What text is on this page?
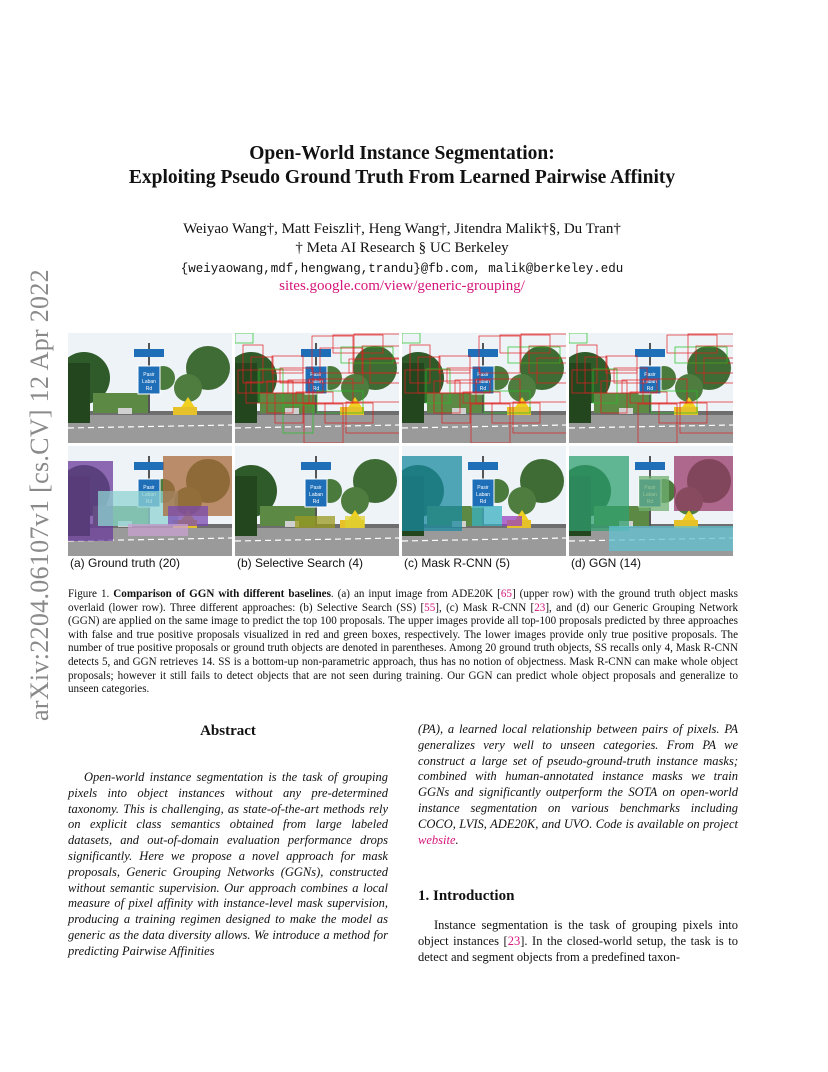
arXiv:2204.06107v1 [cs.CV] 12 Apr 2022
Open-World Instance Segmentation:
Exploiting Pseudo Ground Truth From Learned Pairwise Affinity
Weiyao Wang†, Matt Feiszli†, Heng Wang†, Jitendra Malik†§, Du Tran†
† Meta AI Research § UC Berkeley
{weiyaowang,mdf,hengwang,trandu}@fb.com, malik@berkeley.edu
sites.google.com/view/generic-grouping/
Pasir
Laban
Rd
Pasir
Laban
Rd
Pasir
Laban
Rd
Pasir
Laban
Rd
Pasir	Pasir
Laban
Rd
Pasir
Laban
Rd
(a) Ground truth (20)	(b) Selective Search (4)	(c) Mask R-CNN (5)	(d) GGN (14)
Figure 1. Comparison of GGN with different baselines. (a) an input image from ADE20K [65] (upper row) with the ground truth object masks overlaid (lower row). Three different approaches: (b) Selective Search (SS) [55], (c) Mask R-CNN [23], and (d) our Generic Grouping Network (GGN) are applied on the same image to predict the top 100 proposals. The upper images provide all top-100 proposals predicted by three approaches with false and true positive proposals visualized in red and green boxes, respectively. The lower images provide only true positive proposals. The number of true positive proposals or ground truth objects are denoted in parentheses. Among 20 ground truth objects, SS recalls only 4, Mask R-CNN detects 5, and GGN retrieves 14. SS is a bottom-up non-parametric approach, thus has no notion of objectness. Mask R-CNN can make whole object proposals; however it still fails to detect objects that are not seen during training. Our GGN can predict whole object proposals and generalize to unseen categories.
Abstract
Open-world instance segmentation is the task of grouping pixels into object instances without any pre-determined taxonomy. This is challenging, as state-of-the-art methods rely on explicit class semantics obtained from large labeled datasets, and out-of-domain evaluation performance drops significantly. Here we propose a novel approach for mask proposals, Generic Grouping Networks (GGNs), constructed without semantic supervision. Our approach combines a local measure of pixel affinity with instance-level mask supervision, producing a training regimen designed to make the model as generic as the data diversity allows. We introduce a method for predicting Pairwise Affinities
(PA), a learned local relationship between pairs of pixels. PA generalizes very well to unseen categories. From PA we construct a large set of pseudo-ground-truth instance masks; combined with human-annotated instance masks we train GGNs and significantly outperform the SOTA on open-world instance segmentation on various benchmarks including COCO, LVIS, ADE20K, and UVO. Code is available on project website.
1. Introduction
Instance segmentation is the task of grouping pixels into object instances [23]. In the closed-world setup, the task is to detect and segment objects from a predefined taxon-
